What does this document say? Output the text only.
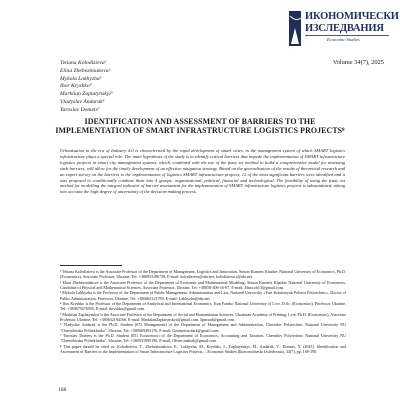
ИКОНОМИЧЕСКИ
ИЗСЛЕДВАНИЯ
Economic Studies
Volume 34(7), 2025
Tetiana Kolodizieva¹
Elina Zhebeziniakova²
Mykola Lakhyzha³
Ihor Kryshko⁴
Markiian Zaplatynskyi⁵
Vladyslav Andarak⁶
Yaroslav Domets⁷
IDENTIFICATION AND ASSESSMENT OF BARRIERS TO THE IMPLEMENTATION OF SMART INFRASTRUCTURE LOGISTICS PROJECTS⁸
Urbanisation in the era of Industry 4.0 is characterised by the rapid development of smart cities, in the management system of which SMART logistics infrastructure plays a special role. The main hypothesis of the study is to identify critical barriers that impede the implementation of SMART infrastructure logistics projects in smart city management systems, which, combined with the use of the fuzzy set method to build a comprehensive model for assessing such barriers, will allow for the timely development of an effective mitigation strategy. Based on the generalisation of the results of theoretical research and an expert survey on the barriers to the implementation of logistics SMART infrastructure projects, 12 of the most significant barriers were identified and it was proposed to conditionally combine them into 4 groups: organisational, political, financial and technological. The feasibility of using the fuzzy set method for modelling the integral indicator of barrier assessment for the implementation of SMART infrastructure logistics projects is substantiated, taking into account the high degree of uncertainty of the decision-making process.

¹ Tetiana Kolodizieva is the Associate Professor of the Department of Management, Logistics and Innovation, Simon Kuznets Kharkiv National University of Economics, Ph.D. (Economics), Associate Professor, Ukraine, Tel: +380953186739, E-mail: kolodizieva@ukr.net, kolodizieva.t@ukr.net.

² Elina Zhebeziniakova is the Associate Professor of the Department of Economic and Mathematical Modeling, Simon Kuznets Kharkiv National University of Economics, Candidate of Physical and Mathematical Sciences, Associate Professor, Ukraine, Tel: +38050-306-16-97, E-mail: Elina.zh13@gmail.com.

³ Mykola Lakhyzha is the Professor of the Department of Public Management, Administration and Law, National University «Yuri Kondratyuk Poltava Polytechnic», Doctor of Public Administration, Professor, Ukraine, Tel: +380663121789, E-mail: Lakhyzha@ukr.net.

⁴ Ihor Kryshko is the Professor of the Department of Analytical and International Economics, Ivan Franko National University of Lviv, D.Sc. (Economics), Professor, Ukraine, Tel: +380679476595, E-mail: ikryshko@gmail.com.

⁵ Markiian Zaplatynskyi is the Associate Professor of the Department of Social and Humanitarian Sciences, Ukrainian Academy of Printing, Lviv, Ph.D. (Economics), Associate Professor, Ukraine, Tel: +380632194166, E-mail: MarkiianZaplatynskyi@gmail.com, 5pmxad@gmail.com.

⁶ Vladyslav Andarak is the Ph.D. Student (073 Management) of the Department of Management and Administration, Chernihiv Polytechnic National University NU "Chernihivska Politekhnika", Ukraine, Tel: +380669493176, E-mail: Geometria.dark@gmail.com.

⁷ Yaroslav Domets is the Ph.D. Student (051 Economics) of the Department of Economics, Accounting and Taxation, Chernihiv Polytechnic National University NU "Chernihivska Politekhnika", Ukraine, Tel: +380931995196, E-mail: Oliver.maksik@gmail.com.

⁸ This paper should be cited as: Kolodizieva, T., Zhebeziniakova, E., Lakhyzha, M., Kryshko, I., Zaplatynskyi, M., Andarak, V., Domets, Y. (2025). Identification and Assessment of Barriers to the Implementation of Smart Infrastructure Logistics Projects. – Economic Studies (Ikonomicheski Izsledvania), 34(7), pp. 168-190.

168
